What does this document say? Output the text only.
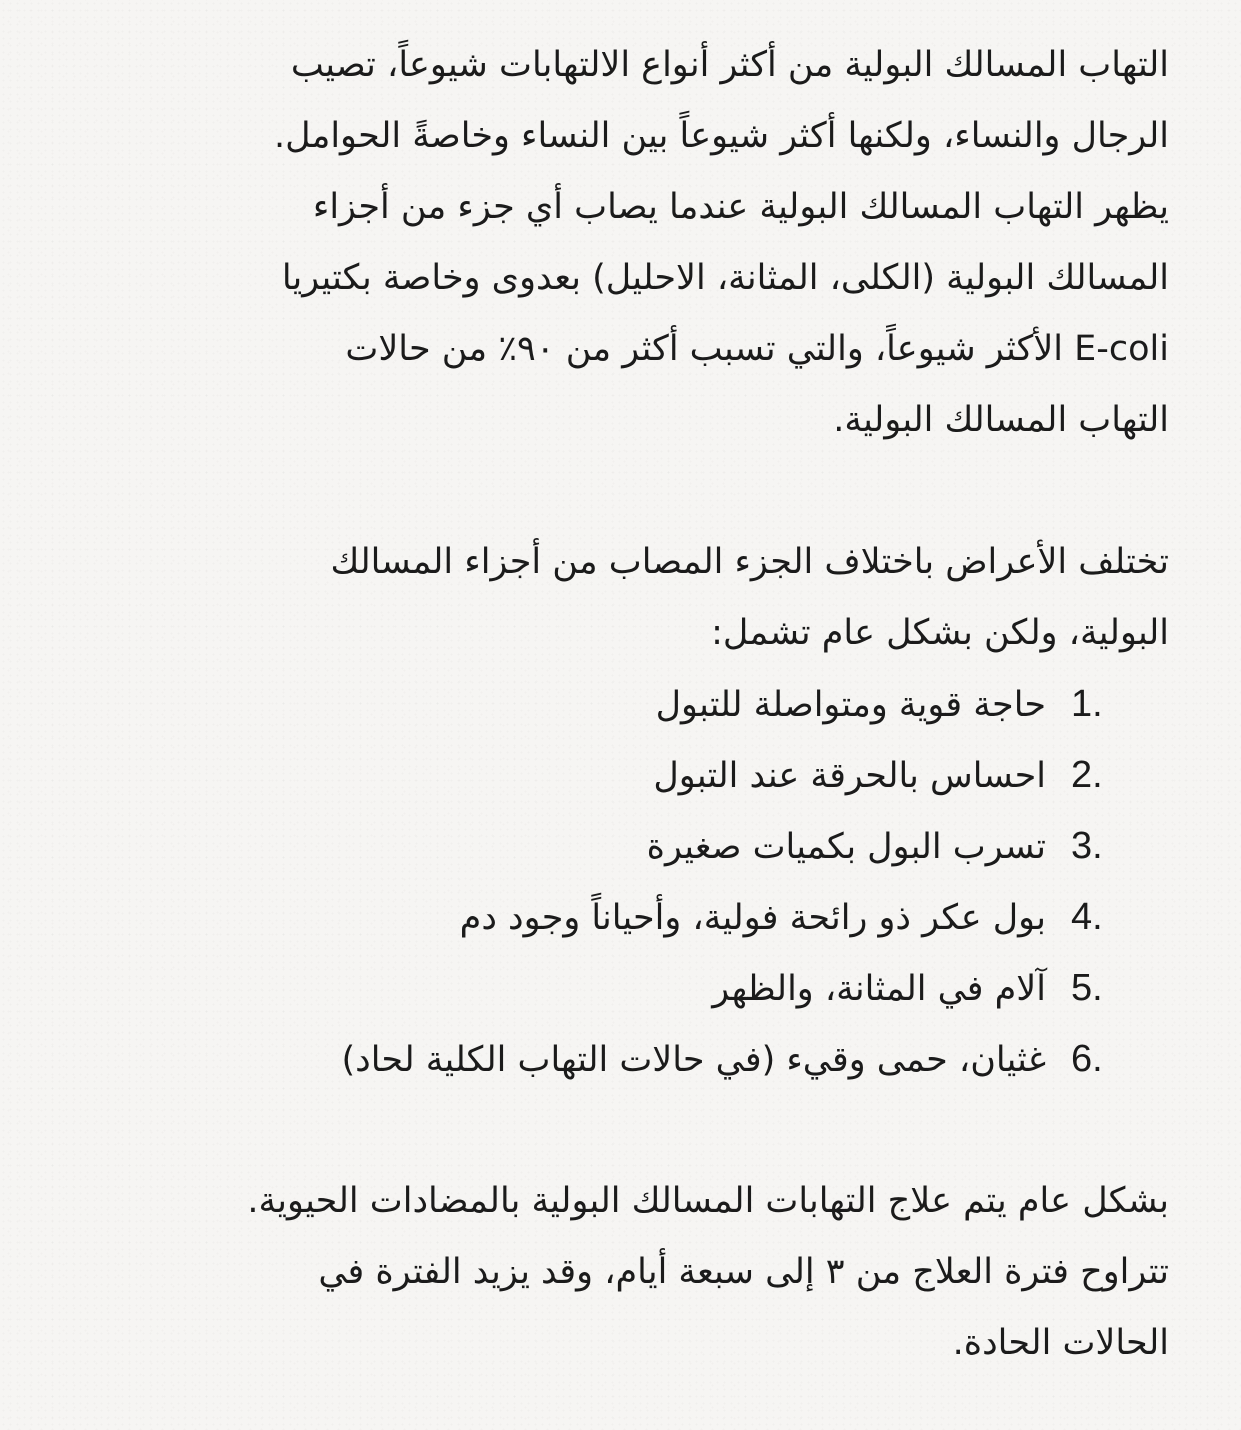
التهاب المسالك البولية من أكثر أنواع الالتهابات شيوعاً، تصيب
الرجال والنساء، ولكنها أكثر شيوعاً بين النساء وخاصةً الحوامل.
يظهر التهاب المسالك البولية عندما يصاب أي جزء من أجزاء
المسالك البولية (الكلى، المثانة، الاحليل) بعدوى وخاصة بكتيريا
E-coli الأكثر شيوعاً، والتي تسبب أكثر من ٩٠٪ من حالات
التهاب المسالك البولية.

تختلف الأعراض باختلاف الجزء المصاب من أجزاء المسالك
البولية، ولكن بشكل عام تشمل:

1.
حاجة قوية ومتواصلة للتبول
2.
احساس بالحرقة عند التبول
3.
تسرب البول بكميات صغيرة
4.
بول عكر ذو رائحة فولية، وأحياناً وجود دم
5.
آلام في المثانة، والظهر
6.
غثيان، حمى وقيء (في حالات التهاب الكلية لحاد)

بشكل عام يتم علاج التهابات المسالك البولية بالمضادات الحيوية.
تتراوح فترة العلاج من ٣ إلى سبعة أيام، وقد يزيد الفترة في
الحالات الحادة.
